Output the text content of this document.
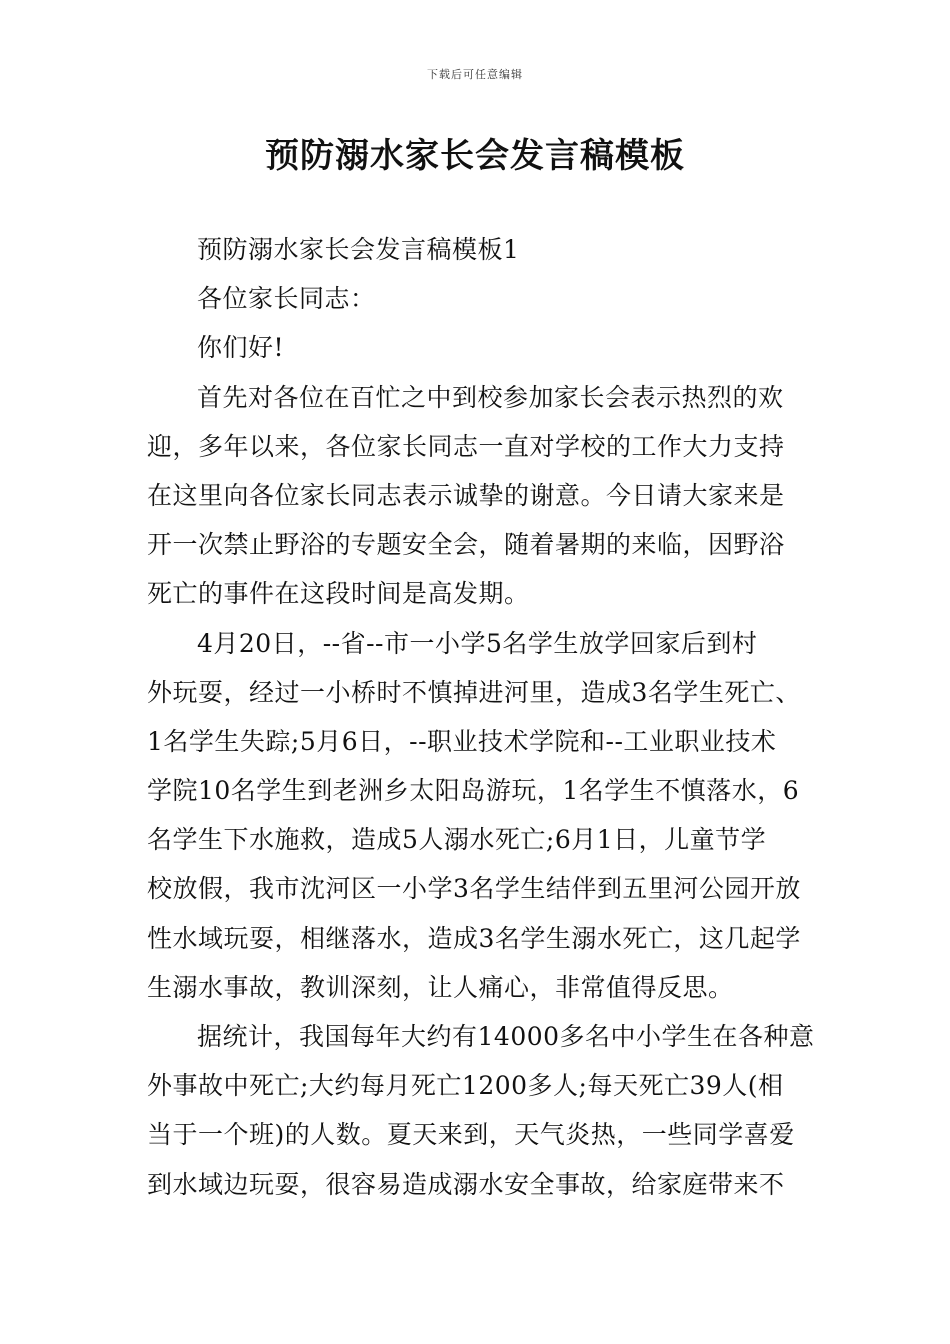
下载后可任意编辑
预防溺水家长会发言稿模板
预防溺水家长会发言稿模板1
各位家长同志：
你们好!
首先对各位在百忙之中到校参加家长会表示热烈的欢
迎，多年以来，各位家长同志一直对学校的工作大力支持
在这里向各位家长同志表示诚挚的谢意。今日请大家来是
开一次禁止野浴的专题安全会，随着暑期的来临，因野浴
死亡的事件在这段时间是高发期。
4月20日，--省--市一小学5名学生放学回家后到村
外玩耍，经过一小桥时不慎掉进河里，造成3名学生死亡、
1名学生失踪;5月6日，--职业技术学院和--工业职业技术
学院10名学生到老洲乡太阳岛游玩，1名学生不慎落水，6
名学生下水施救，造成5人溺水死亡;6月1日，儿童节学
校放假，我市沈河区一小学3名学生结伴到五里河公园开放
性水域玩耍，相继落水，造成3名学生溺水死亡，这几起学
生溺水事故，教训深刻，让人痛心，非常值得反思。
据统计，我国每年大约有14000多名中小学生在各种意
外事故中死亡;大约每月死亡1200多人;每天死亡39人(相
当于一个班)的人数。夏天来到，天气炎热，一些同学喜爱
到水域边玩耍，很容易造成溺水安全事故，给家庭带来不
